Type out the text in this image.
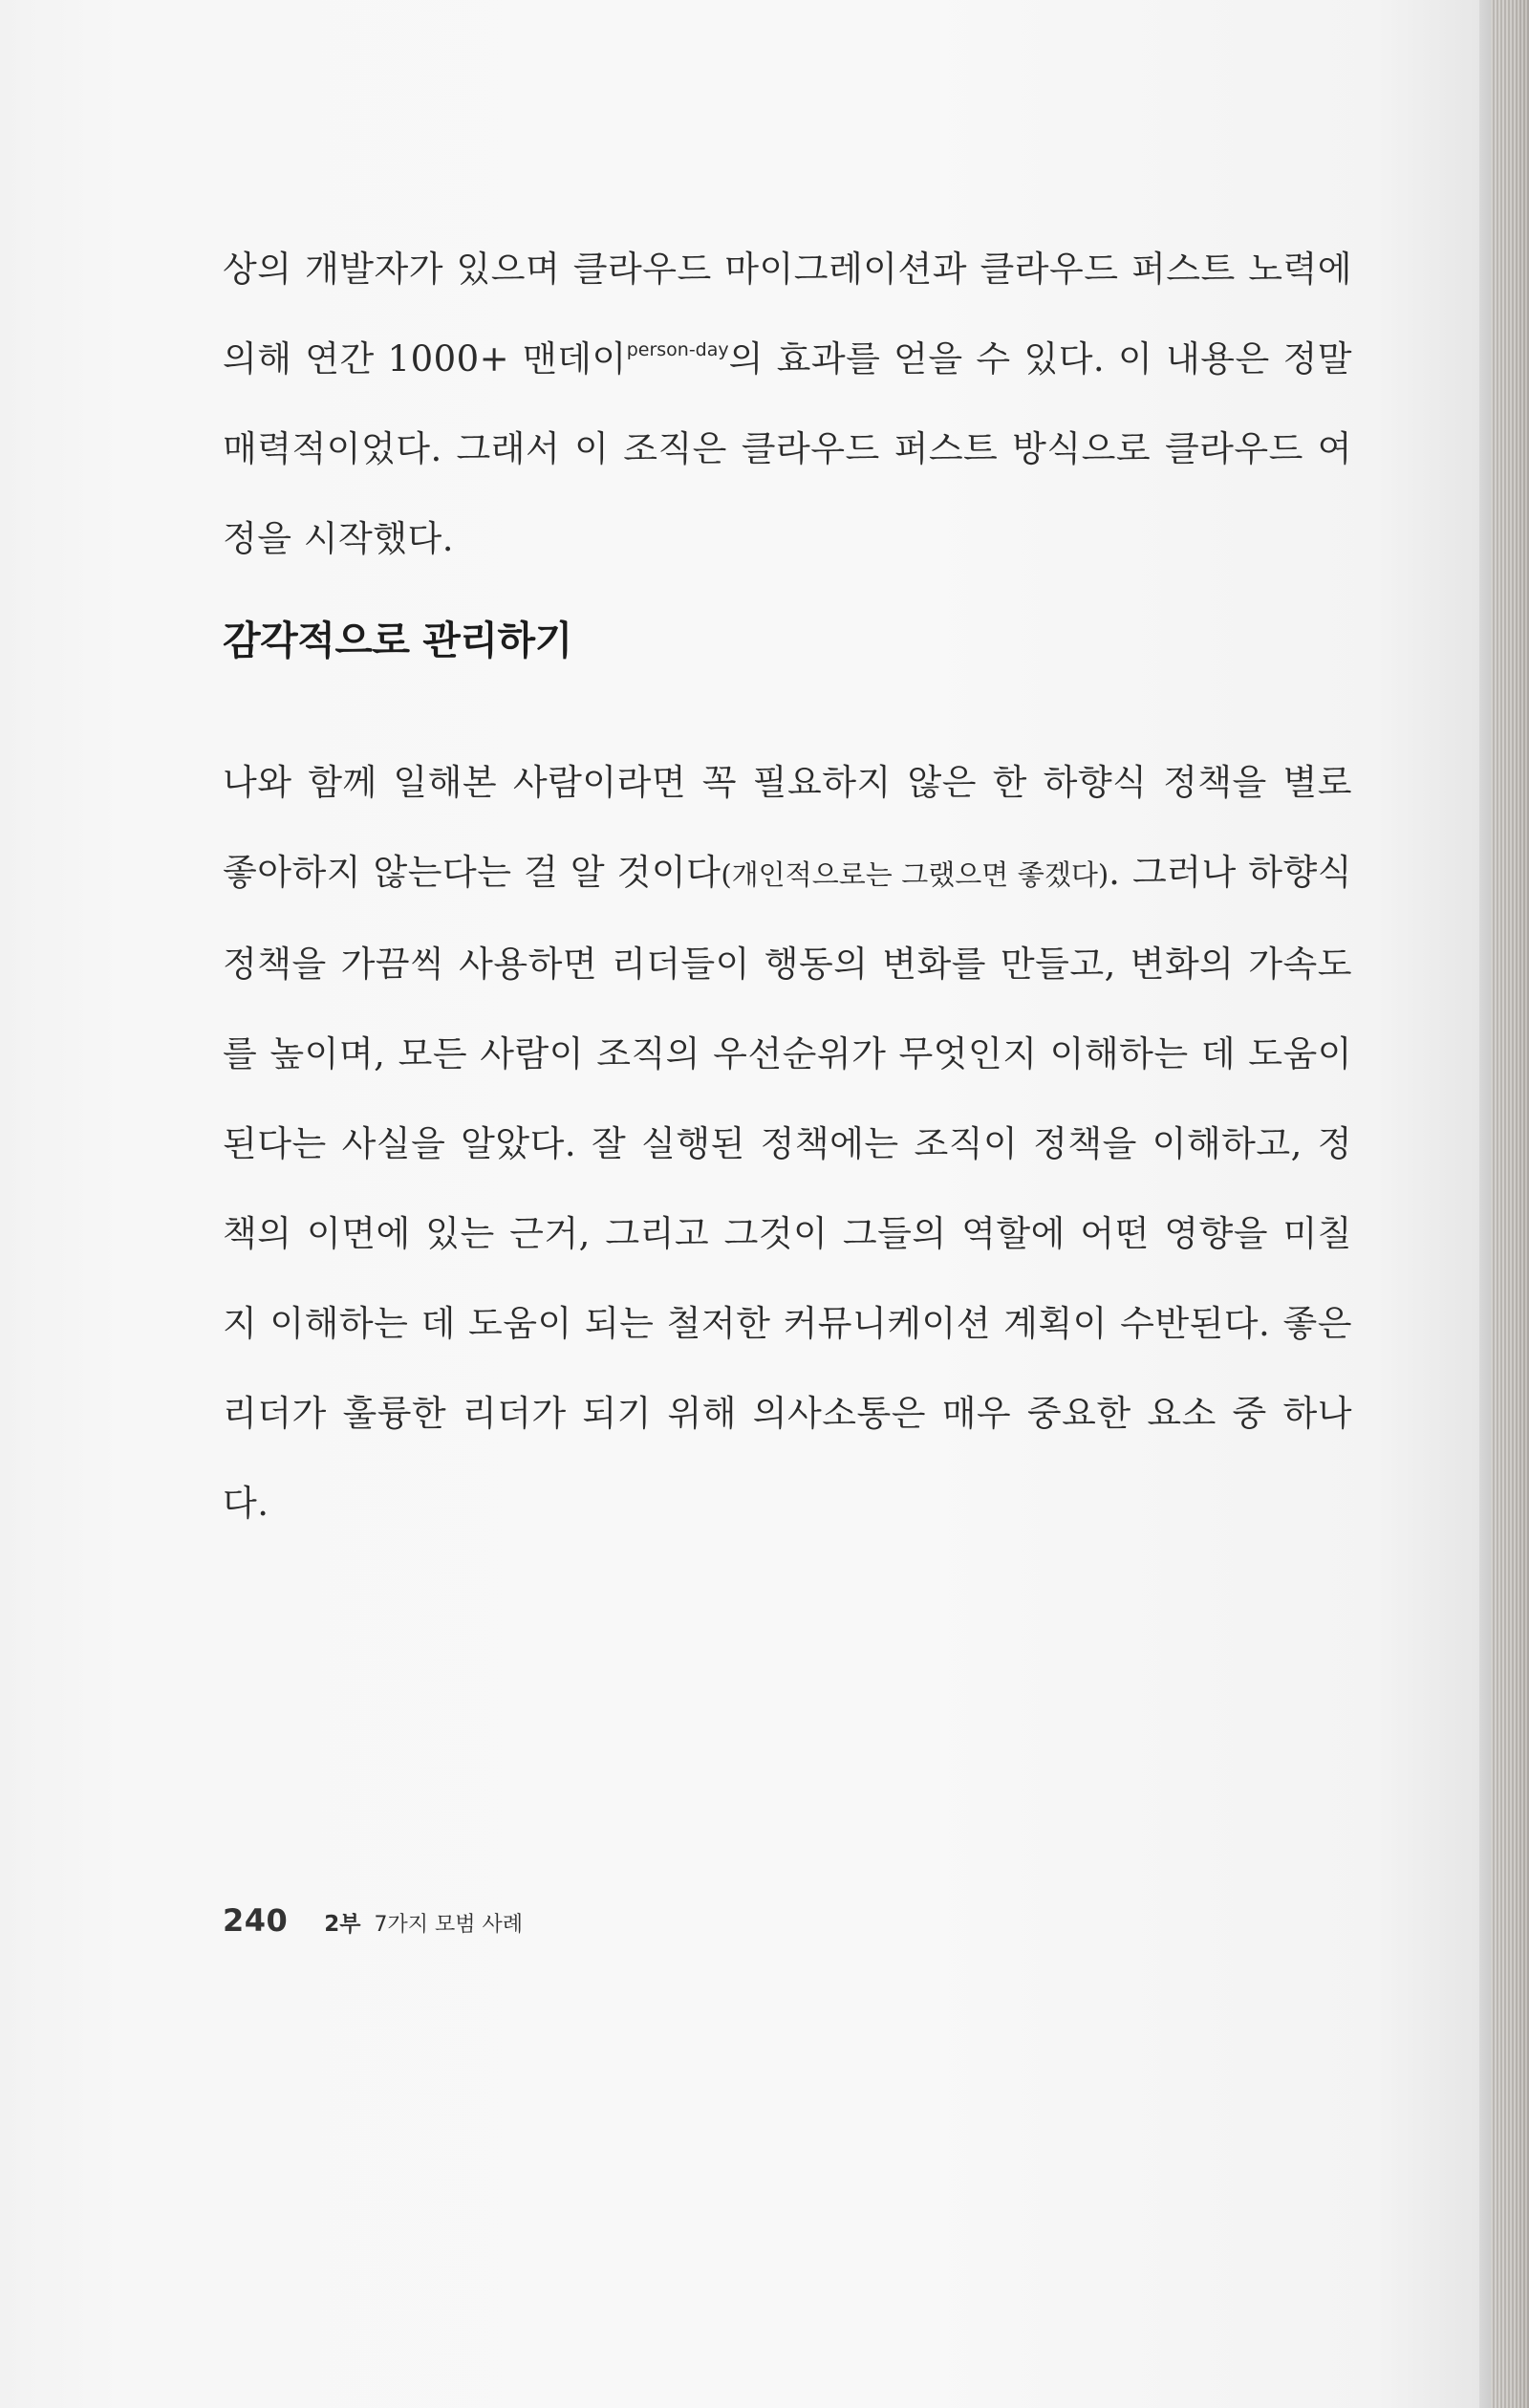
상의 개발자가 있으며 클라우드 마이그레이션과 클라우드 퍼스트 노력에 의해 연간 1000+ 맨데이$^{person-day}$의 효과를 얻을 수 있다. 이 내용은 정말 매력적이었다. 그래서 이 조직은 클라우드 퍼스트 방식으로 클라우드 여정을 시작했다.

감각적으로 관리하기

나와 함께 일해본 사람이라면 꼭 필요하지 않은 한 하향식 정책을 별로 좋아하지 않는다는 걸 알 것이다(개인적으로는 그랬으면 좋겠다). 그러나 하향식 정책을 가끔씩 사용하면 리더들이 행동의 변화를 만들고, 변화의 가속도를 높이며, 모든 사람이 조직의 우선순위가 무엇인지 이해하는 데 도움이 된다는 사실을 알았다. 잘 실행된 정책에는 조직이 정책을 이해하고, 정책의 이면에 있는 근거, 그리고 그것이 그들의 역할에 어떤 영향을 미칠지 이해하는 데 도움이 되는 철저한 커뮤니케이션 계획이 수반된다. 좋은 리더가 훌륭한 리더가 되기 위해 의사소통은 매우 중요한 요소 중 하나다.

240 2부 7가지 모범 사례
